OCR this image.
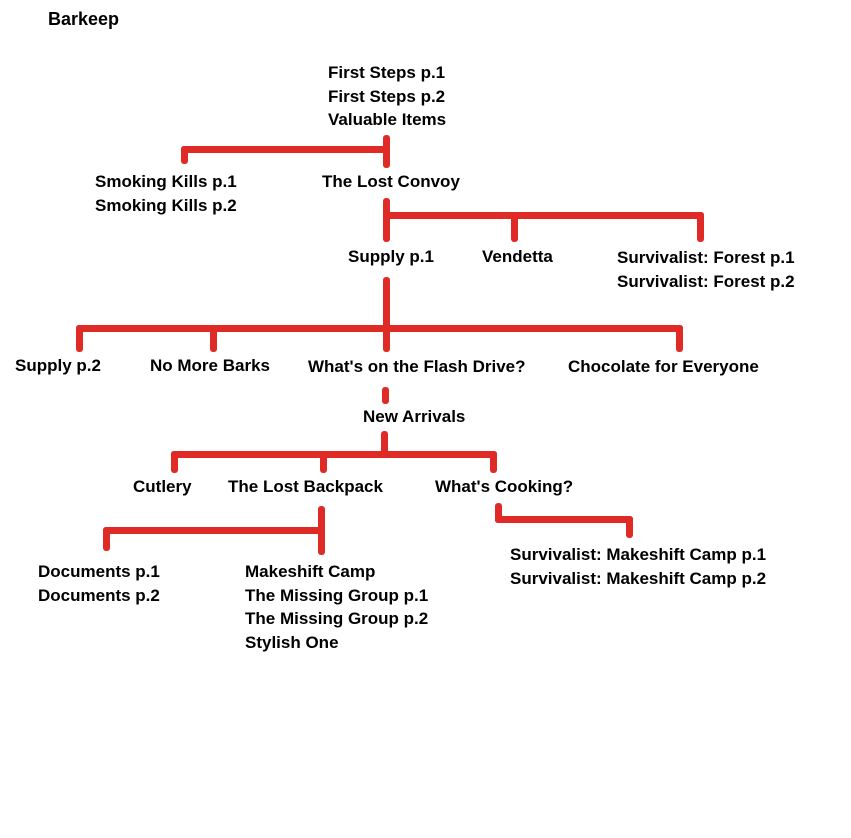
Barkeep
First Steps p.1
First Steps p.2
Valuable Items
Smoking Kills p.1
Smoking Kills p.2
The Lost Convoy
Supply p.1	Vendetta	Survivalist: Forest p.1
Survivalist: Forest p.2
Supply p.2	No More Barks What's on the Flash Drive? Chocolate for Everyone
New Arrivals
Cutlery The Lost Backpack	What's Cooking?
Documents p.1
Documents p.2
Makeshift Camp
The Missing Group p.1
The Missing Group p.2
Stylish One
Survivalist: Makeshift Camp p.1
Survivalist: Makeshift Camp p.2
